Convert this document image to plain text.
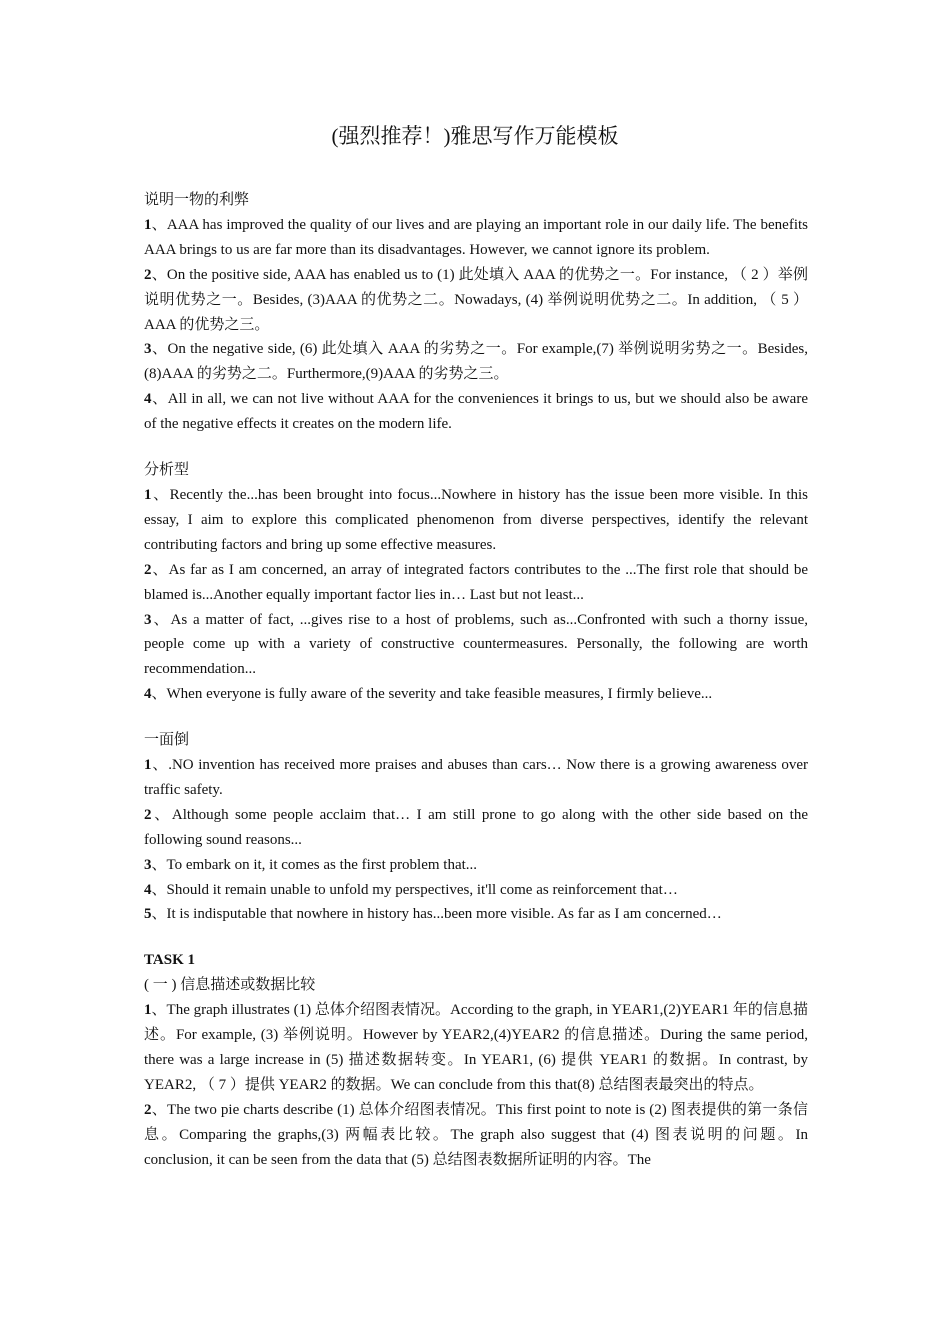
(强烈推荐！)雅思写作万能模板

说明一物的利弊

1、AAA has improved the quality of our lives and are playing an important role in our daily life. The benefits AAA brings to us are far more than its disadvantages. However, we cannot ignore its problem.

2、On the positive side, AAA has enabled us to (1) 此处填入 AAA 的优势之一。For instance, （ 2 ）举例说明优势之一。Besides, (3)AAA 的优势之二。Nowadays, (4) 举例说明优势之二。In addition, （ 5 ） AAA 的优势之三。

3、On the negative side, (6) 此处填入 AAA 的劣势之一。For example,(7) 举例说明劣势之一。Besides,(8)AAA 的劣势之二。Furthermore,(9)AAA 的劣势之三。

4、All in all, we can not live without AAA for the conveniences it brings to us, but we should also be aware of the negative effects it creates on the modern life.

分析型

1、Recently the...has been brought into focus...Nowhere in history has the issue been more visible. In this essay, I aim to explore this complicated phenomenon from diverse perspectives, identify the relevant contributing factors and bring up some effective measures.

2、As far as I am concerned, an array of integrated factors contributes to the ...The first role that should be blamed is...Another equally important factor lies in… Last but not least...

3、As a matter of fact, ...gives rise to a host of problems, such as...Confronted with such a thorny issue, people come up with a variety of constructive countermeasures. Personally, the following are worth recommendation...

4、When everyone is fully aware of the severity and take feasible measures, I firmly believe...

一面倒

1、.NO invention has received more praises and abuses than cars… Now there is a growing awareness over traffic safety.

2、Although some people acclaim that… I am still prone to go along with the other side based on the following sound reasons...

3、To embark on it, it comes as the first problem that...

4、Should it remain unable to unfold my perspectives, it'll come as reinforcement that…

5、It is indisputable that nowhere in history has...been more visible. As far as I am concerned…

TASK 1

( 一 ) 信息描述或数据比较

1、The graph illustrates (1) 总体介绍图表情况。According to the graph, in YEAR1,(2)YEAR1 年的信息描述。For example, (3) 举例说明。However by YEAR2,(4)YEAR2 的信息描述。During the same period, there was a large increase in (5) 描述数据转变。In YEAR1, (6) 提供 YEAR1 的数据。In contrast, by YEAR2, （ 7 ）提供 YEAR2 的数据。We can conclude from this that(8) 总结图表最突出的特点。

2、The two pie charts describe (1) 总体介绍图表情况。This first point to note is (2) 图表提供的第一条信息。Comparing the graphs,(3) 两幅表比较。The graph also suggest that (4) 图表说明的问题。In conclusion, it can be seen from the data that (5) 总结图表数据所证明的内容。The
